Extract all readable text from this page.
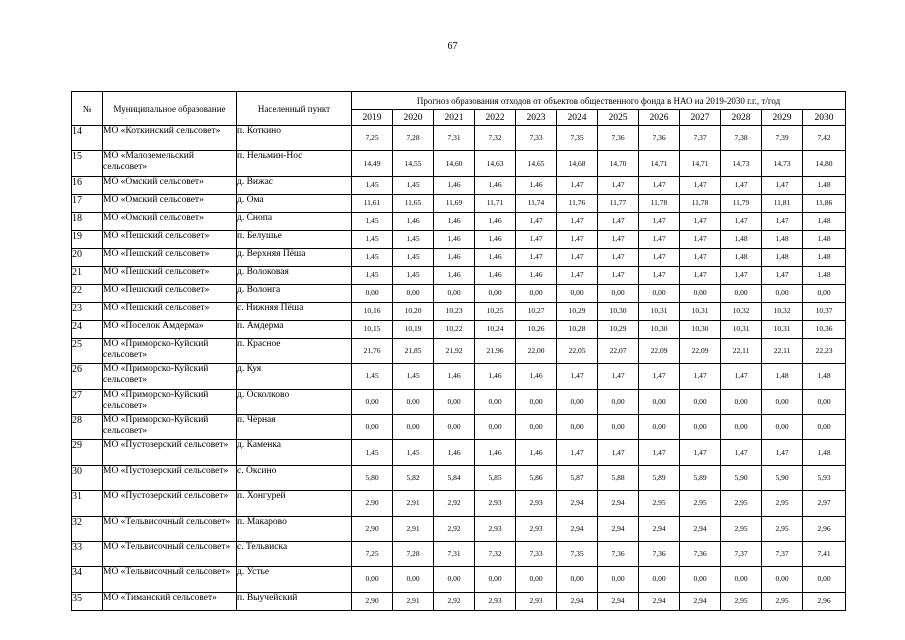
67
№	Муниципальное образование	Населенный пункт	Прогноз образования отходов от объектов общественного фонда в НАО на 2019-2030 г.г., т/год											
			2019	2020	2021	2022	2023	2024	2025	2026	2027	2028	2029	2030
14	МО «Коткинский сельсовет»	п. Коткино	7,25	7,28	7,31	7,32	7,33	7,35	7,36	7,36	7,37	7,38	7,39	7,42
15	МО «Малоземельский сельсовет»	п. Нельмин-Нос	14,49	14,55	14,60	14,63	14,65	14,68	14,70	14,71	14,71	14,73	14,73	14,80
16	МО «Омский сельсовет»	д. Вижас	1,45	1,45	1,46	1,46	1,46	1,47	1,47	1,47	1,47	1,47	1,47	1,48
17	МО «Омский сельсовет»	д. Ома	11,61	11,65	11,69	11,71	11,74	11,76	11,77	11,78	11,78	11,79	11,81	11,86
18	МО «Омский сельсовет»	д. Снопа	1,45	1,46	1,46	1,46	1,47	1,47	1,47	1,47	1,47	1,47	1,47	1,48
19	МО «Пешский сельсовет»	п. Белушье	1,45	1,45	1,46	1,46	1,47	1,47	1,47	1,47	1,47	1,48	1,48	1,48
20	МО «Пешский сельсовет»	д. Верхняя Пёша	1,45	1,45	1,46	1,46	1,47	1,47	1,47	1,47	1,47	1,48	1,48	1,48
21	МО «Пешский сельсовет»	д. Волоковая	1,45	1,45	1,46	1,46	1,46	1,47	1,47	1,47	1,47	1,47	1,47	1,48
22	МО «Пешский сельсовет»	д. Волонга	0,00	0,00	0,00	0,00	0,00	0,00	0,00	0,00	0,00	0,00	0,00	0,00
23	МО «Пешский сельсовет»	с. Нижняя Пёша	10,16	10,20	10,23	10,25	10,27	10,29	10,30	10,31	10,31	10,32	10,32	10,37
24	МО «Поселок Амдерма»	п. Амдерма	10,15	10,19	10,22	10,24	10,26	10,28	10,29	10,30	10,30	10,31	10,31	10,36
25	МО «Приморско-Куйский сельсовет»	п. Красное	21,76	21,85	21,92	21,96	22,00	22,05	22,07	22,09	22,09	22,11	22,11	22,23
26	МО «Приморско-Куйский сельсовет»	д. Куя	1,45	1,45	1,46	1,46	1,46	1,47	1,47	1,47	1,47	1,47	1,48	1,48
27	МО «Приморско-Куйский сельсовет»	д. Осколково	0,00	0,00	0,00	0,00	0,00	0,00	0,00	0,00	0,00	0,00	0,00	0,00
28	МО «Приморско-Куйский сельсовет»	п. Чёрная	0,00	0,00	0,00	0,00	0,00	0,00	0,00	0,00	0,00	0,00	0,00	0,00
29	МО «Пустозерский сельсовет»	д. Каменка	1,45	1,45	1,46	1,46	1,46	1,47	1,47	1,47	1,47	1,47	1,47	1,48
30	МО «Пустозерский сельсовет»	с. Оксино	5,80	5,82	5,84	5,85	5,86	5,87	5,88	5,89	5,89	5,90	5,90	5,93
31	МО «Пустозерский сельсовет»	п. Хонгурей	2,90	2,91	2,92	2,93	2,93	2,94	2,94	2,95	2,95	2,95	2,95	2,97
32	МО «Тельвисочный сельсовет»	п. Макарово	2,90	2,91	2,92	2,93	2,93	2,94	2,94	2,94	2,94	2,95	2,95	2,96
33	МО «Тельвисочный сельсовет»	с. Тельвиска	7,25	7,28	7,31	7,32	7,33	7,35	7,36	7,36	7,36	7,37	7,37	7,41
34	МО «Тельвисочный сельсовет»	д. Устье	0,00	0,00	0,00	0,00	0,00	0,00	0,00	0,00	0,00	0,00	0,00	0,00
35	МО «Тиманский сельсовет»	п. Выучейский	2,90	2,91	2,92	2,93	2,93	2,94	2,94	2,94	2,94	2,95	2,95	2,96
